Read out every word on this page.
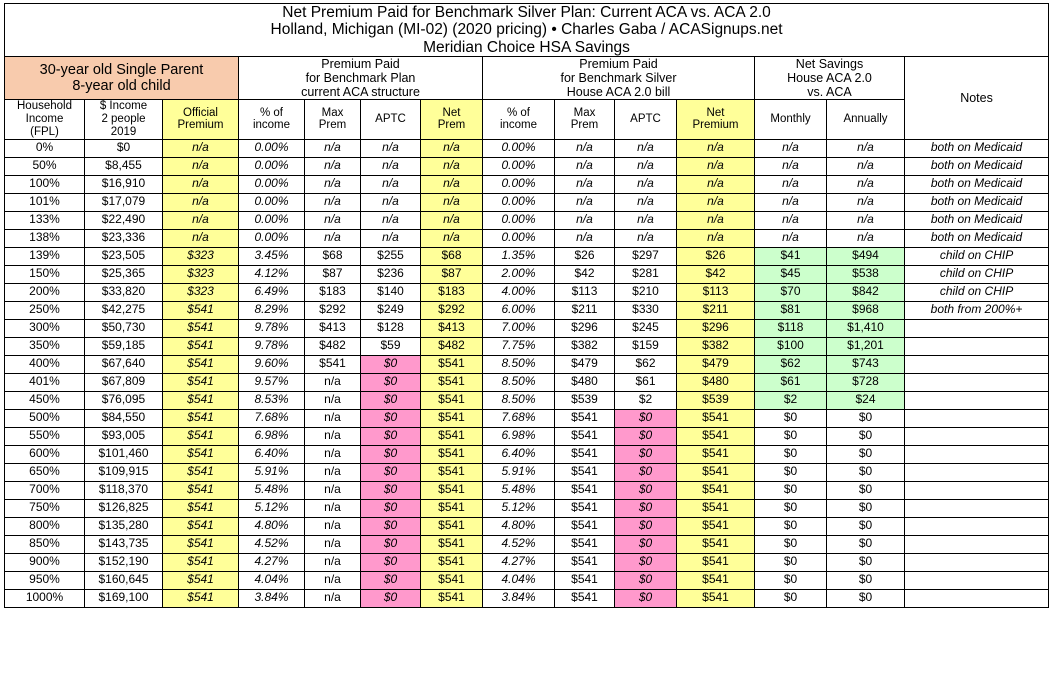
Net Premium Paid for Benchmark Silver Plan: Current ACA vs. ACA 2.0
Holland, Michigan (MI-02) (2020 pricing) • Charles Gaba / ACASignups.net
Meridian Choice HSA Savings													

30-year old Single Parent
8-year old child
	Premium Paid
for Benchmark Plan
current ACA structure	Premium Paid
for Benchmark Silver
House ACA 2.0 bill	Net Savings
House ACA 2.0
vs. ACA	Notes
Household
Income
(FPL)	$ Income
2 people
2019	Official
Premium	% of
income	Max
Prem	APTC	Net
Prem	% of
income	Max
Prem	APTC	Net
Premium	Monthly	Annually	
0%	$0	n/a	0.00%	n/a	n/a	n/a	0.00%	n/a	n/a	n/a	n/a	n/a	both on Medicaid
50%	$8,455	n/a	0.00%	n/a	n/a	n/a	0.00%	n/a	n/a	n/a	n/a	n/a	both on Medicaid
100%	$16,910	n/a	0.00%	n/a	n/a	n/a	0.00%	n/a	n/a	n/a	n/a	n/a	both on Medicaid
101%	$17,079	n/a	0.00%	n/a	n/a	n/a	0.00%	n/a	n/a	n/a	n/a	n/a	both on Medicaid
133%	$22,490	n/a	0.00%	n/a	n/a	n/a	0.00%	n/a	n/a	n/a	n/a	n/a	both on Medicaid
138%	$23,336	n/a	0.00%	n/a	n/a	n/a	0.00%	n/a	n/a	n/a	n/a	n/a	both on Medicaid
139%	$23,505	$323	3.45%	$68	$255	$68	1.35%	$26	$297	$26	$41	$494	child on CHIP
150%	$25,365	$323	4.12%	$87	$236	$87	2.00%	$42	$281	$42	$45	$538	child on CHIP
200%	$33,820	$323	6.49%	$183	$140	$183	4.00%	$113	$210	$113	$70	$842	child on CHIP
250%	$42,275	$541	8.29%	$292	$249	$292	6.00%	$211	$330	$211	$81	$968	both from 200%+
300%	$50,730	$541	9.78%	$413	$128	$413	7.00%	$296	$245	$296	$118	$1,410	
350%	$59,185	$541	9.78%	$482	$59	$482	7.75%	$382	$159	$382	$100	$1,201	
400%	$67,640	$541	9.60%	$541	$0	$541	8.50%	$479	$62	$479	$62	$743	
401%	$67,809	$541	9.57%	n/a	$0	$541	8.50%	$480	$61	$480	$61	$728	
450%	$76,095	$541	8.53%	n/a	$0	$541	8.50%	$539	$2	$539	$2	$24	
500%	$84,550	$541	7.68%	n/a	$0	$541	7.68%	$541	$0	$541	$0	$0	
550%	$93,005	$541	6.98%	n/a	$0	$541	6.98%	$541	$0	$541	$0	$0	
600%	$101,460	$541	6.40%	n/a	$0	$541	6.40%	$541	$0	$541	$0	$0	
650%	$109,915	$541	5.91%	n/a	$0	$541	5.91%	$541	$0	$541	$0	$0	
700%	$118,370	$541	5.48%	n/a	$0	$541	5.48%	$541	$0	$541	$0	$0	
750%	$126,825	$541	5.12%	n/a	$0	$541	5.12%	$541	$0	$541	$0	$0	
800%	$135,280	$541	4.80%	n/a	$0	$541	4.80%	$541	$0	$541	$0	$0	
850%	$143,735	$541	4.52%	n/a	$0	$541	4.52%	$541	$0	$541	$0	$0	
900%	$152,190	$541	4.27%	n/a	$0	$541	4.27%	$541	$0	$541	$0	$0	
950%	$160,645	$541	4.04%	n/a	$0	$541	4.04%	$541	$0	$541	$0	$0	
1000%	$169,100	$541	3.84%	n/a	$0	$541	3.84%	$541	$0	$541	$0	$0	
